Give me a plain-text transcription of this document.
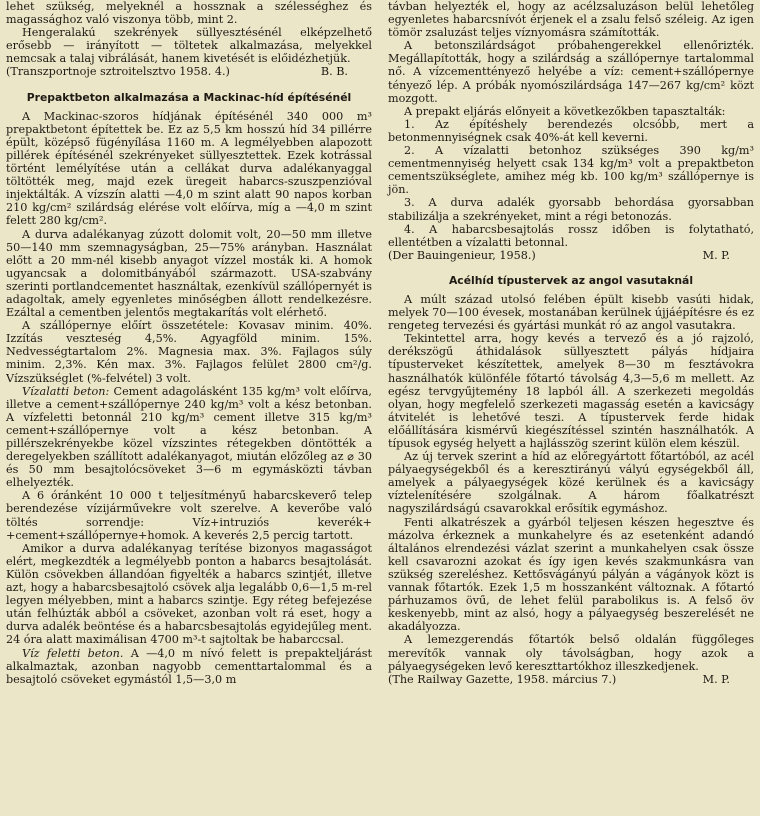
lehet szükség, melyeknél a hossznak a szélességhez és magassághoz való viszonya több, mint 2.

Hengeralakú szekrények süllyesztésénél elképzelhető erősebb — irányított — töltetek alkalmazása, melyekkel nemcsak a talaj vibrálását, hanem kivetését is előidézhetjük.

(Transzportnoje sztroitelsztvo 1958. 4.)	B. B.
Prepaktbeton alkalmazása a Mackinac-híd építésénél

A Mackinac-szoros hídjának építésénél 340 000 m³ prepaktbetont építettek be. Ez az 5,5 km hosszú híd 34 pillérre épült, középső fügényílása 1160 m. A legmélyebben alapozott pillérek építésénél szekrényeket süllyesztettek. Ezek kotrással történt lemélyítése után a cellákat durva adalékanyaggal töltötték meg, majd ezek üregeit habarcs-szuszpenzióval injektálták. A vízszín alatti —4,0 m szint alatt 90 napos korban 210 kg/cm² szilárdság elérése volt előírva, míg a —4,0 m szint felett 280 kg/cm².

A durva adalékanyag zúzott dolomit volt, 20—50 mm illetve 50—140 mm szemnagyságban, 25—75% arányban. Használat előtt a 20 mm-nél kisebb anyagot vízzel mosták ki. A homok ugyancsak a dolomitbányából származott. USA-szabvány szerinti portlandcementet használtak, ezenkívül szállópernyét is adagoltak, amely egyenletes minőségben állott rendelkezésre. Ezáltal a cementben jelentős megtakarítás volt elérhető.

A szállópernye előírt összetétele: Kovasav minim. 40%. Izzítás veszteség 4,5%. Agyagföld minim. 15%. Nedvességtartalom 2%. Magnesia max. 3%. Fajlagos súly minim. 2,3%. Kén max. 3%. Fajlagos felület 2800 cm²/g. Vízszükséglet (%-felvétel) 3 volt.

Vízalatti beton: Cement adagolásként 135 kg/m³ volt előírva, illetve a cement+szállópernye 240 kg/m³ volt a kész betonban. A vízfeletti betonnál 210 kg/m³ cement illetve 315 kg/m³ cement+szállópernye volt a kész betonban. A pillérszekrényekbe közel vízszintes rétegekben döntötték a deregelyekben szállított adalékanyagot, miután előzőleg az ⌀ 30 és 50 mm besajtolócsöveket 3—6 m egymásközti távban elhelyezték.

A 6 óránként 10 000 t teljesítményű habarcskeverő telep berendezése vízijárművekre volt szerelve. A keverőbe való töltés sorrendje: Víz+intruziós keverék+ +cement+szállópernye+homok. A keverés 2,5 percig tartott.

Amikor a durva adalékanyag terítése bizonyos magasságot elért, megkezdték a legmélyebb ponton a habarcs besajtolását. Külön csövekben állandóan figyelték a habarcs szintjét, illetve azt, hogy a habarcsbesajtoló csövek alja legalább 0,6—1,5 m-rel legyen mélyebben, mint a habarcs szintje. Egy réteg befejezése után felhúzták abból a csöveket, azonban volt rá eset, hogy a durva adalék beöntése és a habarcsbesajtolás egyidejűleg ment. 24 óra alatt maximálisan 4700 m³-t sajtoltak be habarccsal.

Víz feletti beton. A —4,0 m nívó felett is prepakteljárást alkalmaztak, azonban nagyobb cementtartalommal és a besajtoló csöveket egymástól 1,5—3,0 m

távban helyezték el, hogy az acélzsaluzáson belül lehetőleg egyenletes habarcsnívót érjenek el a zsalu felső széleig. Az igen tömör zsaluzást teljes víznyomásra számították.

A betonszilárdságot próbahengerekkel ellenőrizték. Megállapították, hogy a szilárdság a szállópernye tartalommal nő. A vízcementtényező helyébe a víz: cement+szállópernye tényező lép. A próbák nyomószilárdsága 147—267 kg/cm² közt mozgott.

A prepakt eljárás előnyeit a következőkben tapasztalták:

1. Az építéshely berendezés olcsóbb, mert a betonmennyiségnek csak 40%-át kell keverni.

2. A vízalatti betonhoz szükséges 390 kg/m³ cementmennyiség helyett csak 134 kg/m³ volt a prepaktbeton cementszükséglete, amihez még kb. 100 kg/m³ szállópernye is jön.

3. A durva adalék gyorsabb behordása gyorsabban stabilizálja a szekrényeket, mint a régi betonozás.

4. A habarcsbesajtolás rossz időben is folytatható, ellentétben a vízalatti betonnal.

(Der Bauingenieur, 1958.)	M. P.
Acélhíd típustervek az angol vasutaknál

A múlt század utolsó felében épült kisebb vasúti hidak, melyek 70—100 évesek, mostanában kerülnek újjáépítésre és ez rengeteg tervezési és gyártási munkát ró az angol vasutakra.

Tekintettel arra, hogy kevés a tervező és a jó rajzoló, derékszögű áthidalások süllyesztett pályás hídjaira típusterveket készítettek, amelyek 8—30 m fesztávokra használhatók különféle főtartó távolság 4,3—5,6 m mellett. Az egész tervgyűjtemény 18 lapból áll. A szerkezeti megoldás olyan, hogy megfelelő szerkezeti magasság esetén a kavicságy átvitelét is lehetővé teszi. A típustervek ferde hidak előállítására kismérvű kiegészítéssel szintén használhatók. A típusok egység helyett a hajlásszög szerint külön elem készül.

Az új tervek szerint a híd az előregyártott főtartóból, az acél pályaegységekből és a keresztirányú vályú egységekből áll, amelyek a pályaegységek közé kerülnek és a kavicságy víztelenítésére szolgálnak. A három főalkatrészt nagyszilárdságú csavarokkal erősítik egymáshoz.

Fenti alkatrészek a gyárból teljesen készen hegesztve és mázolva érkeznek a munkahelyre és az esetenként adandó általános elrendezési vázlat szerint a munkahelyen csak össze kell csavarozni azokat és így igen kevés szakmunkásra van szükség szereléshez. Kettősvágányú pályán a vágányok közt is vannak főtartók. Ezek 1,5 m hosszanként változnak. A főtartó párhuzamos övű, de lehet felül parabolikus is. A felső öv keskenyebb, mint az alsó, hogy a pályaegység beszerelését ne akadályozza.

A lemezgerendás főtartók belső oldalán függőleges merevítők vannak oly távolságban, hogy azok a pályaegységeken levő kereszttartókhoz illeszkedjenek.

(The Railway Gazette, 1958. március 7.)	M. P.
